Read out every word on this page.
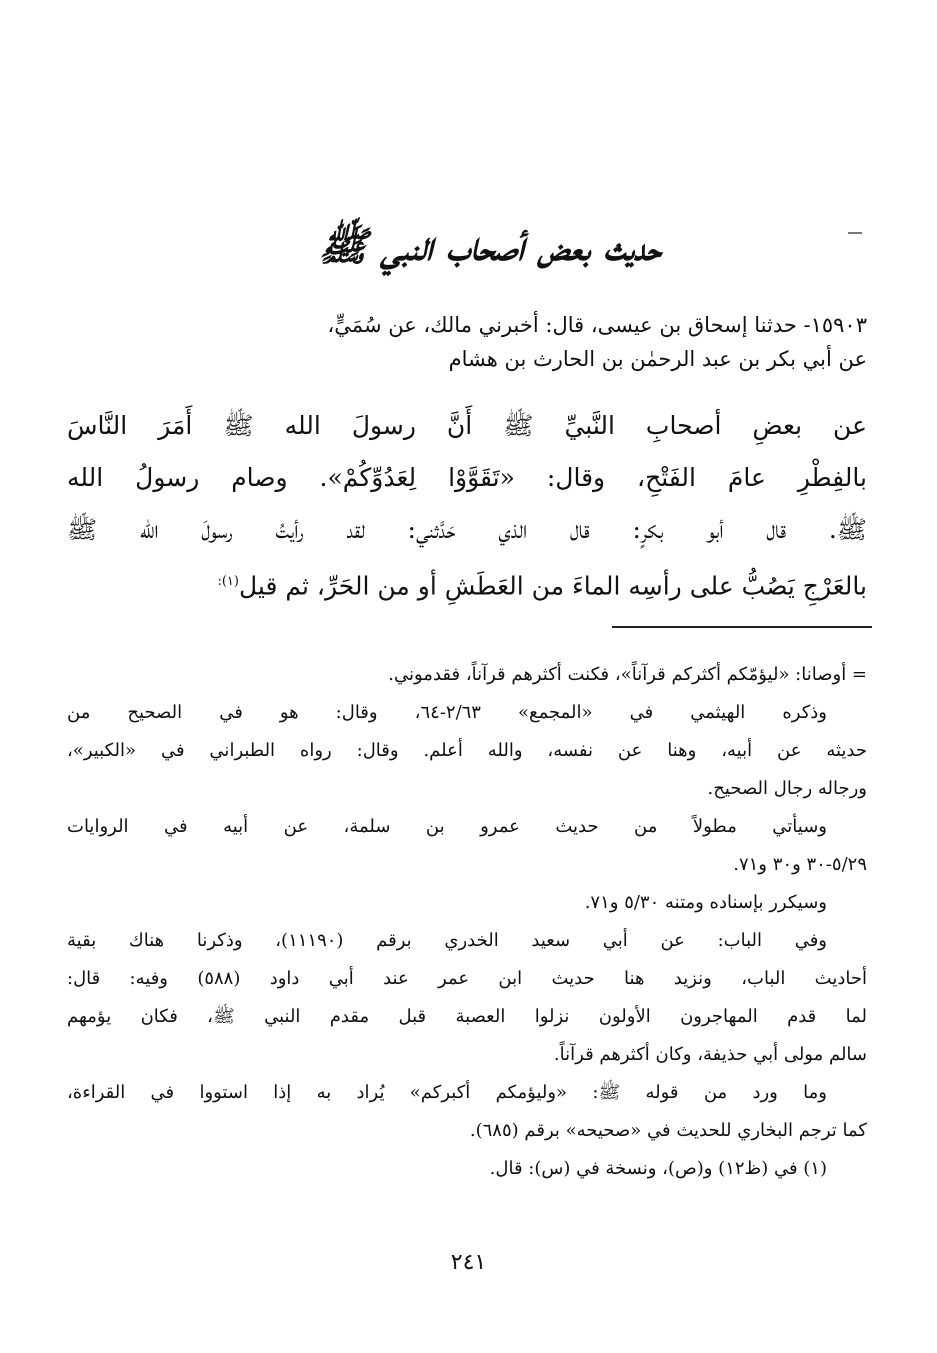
حديث بعض أصحاب النبي ﷺ
١٥٩٠٣- حدثنا إسحاق بن عيسى، قال: أخبرني مالك، عن سُمَيٍّ،
عن أبي بكر بن عبد الرحمٰن بن الحارث بن هشام
عن بعضِ أصحابِ النَّبيِّ ﷺ أَنَّ رسولَ الله ﷺ أَمَرَ النَّاسَ
بالفِطْرِ عامَ الفَتْحِ، وقال: «تَقَوَّوْا لِعَدُوِّكُمْ». وصام رسولُ الله
ﷺ. قال أبو بكرٍ: قال الذي حَدَّثني: لقد رأيتُ رسولَ الله ﷺ
بالعَرْجِ يَصُبُّ على رأسِه الماءَ من العَطَشِ أو من الحَرِّ، ثم قيل$^{(١):}$
= أوصانا: «ليؤمّكم أكثركم قرآناً»، فكنت أكثرهم قرآناً، فقدموني.
وذكره الهيثمي في «المجمع» ٢/٦٣-٦٤، وقال: هو في الصحيح من
حديثه عن أبيه، وهنا عن نفسه، والله أعلم. وقال: رواه الطبراني في «الكبير»،
ورجاله رجال الصحيح.
وسيأتي مطولاً من حديث عمرو بن سلمة، عن أبيه في الروايات
٥/٢٩-٣٠ و٣٠ و٧١.
وسيكرر بإسناده ومتنه ٥/٣٠ و٧١.
وفي الباب: عن أبي سعيد الخدري برقم (١١١٩٠)، وذكرنا هناك بقية
أحاديث الباب، ونزيد هنا حديث ابن عمر عند أبي داود (٥٨٨) وفيه: قال:
لما قدم المهاجرون الأولون نزلوا العصبة قبل مقدم النبي ﷺ، فكان يؤمهم
سالم مولى أبي حذيفة، وكان أكثرهم قرآناً.
وما ورد من قوله ﷺ: «وليؤمكم أكبركم» يُراد به إذا استووا في القراءة،
كما ترجم البخاري للحديث في «صحيحه» برقم (٦٨٥).
(١) في (ظ١٢) و(ص)، ونسخة في (س): قال.
٢٤١
